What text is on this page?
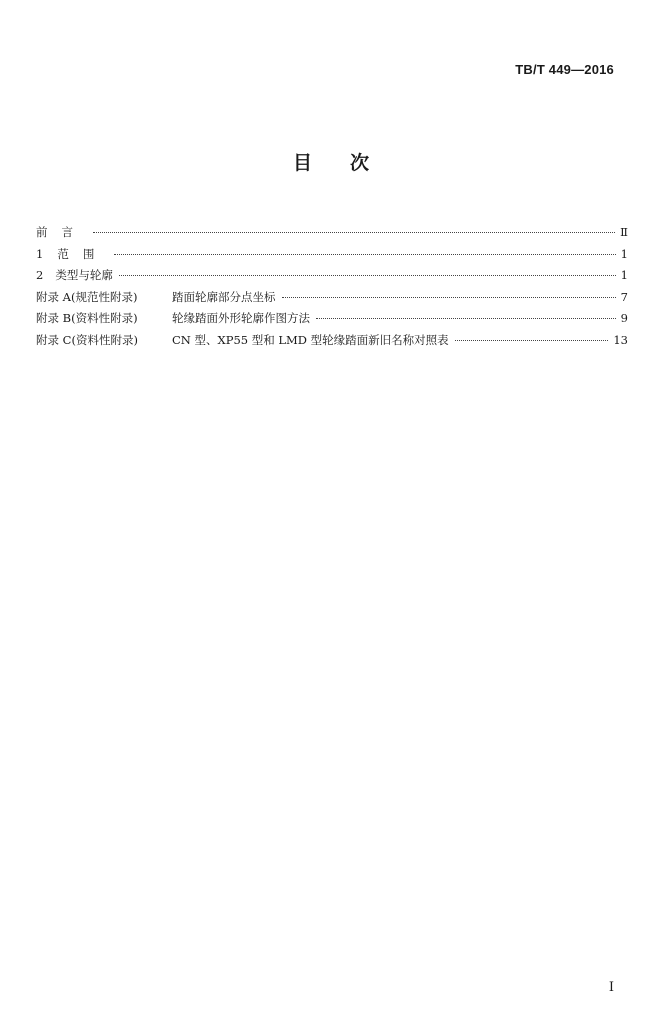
TB/T 449—2016
目次
前言	Ⅱ
1 范围	1
2 类型与轮廓	1
附录 A(规范性附录)	踏面轮廓部分点坐标	7
附录 B(资料性附录)	轮缘踏面外形轮廓作图方法	9
附录 C(资料性附录)	CN 型、XP55 型和 LMD 型轮缘踏面新旧名称对照表	13
Ⅰ
